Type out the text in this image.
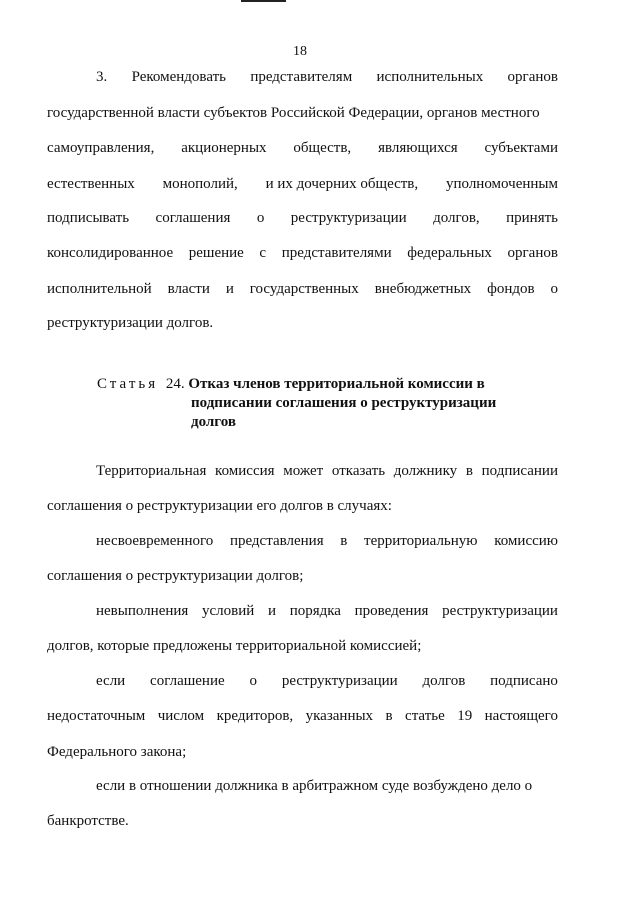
18
3. Рекомендовать представителям исполнительных органов
государственной власти субъектов Российской Федерации, органов местного
самоуправления, акционерных обществ, являющихся субъектами
естественных монополий, и их дочерних обществ, уполномоченным
подписывать соглашения о реструктуризации долгов, принять
консолидированное решение с представителями федеральных органов
исполнительной власти и государственных внебюджетных фондов о
реструктуризации долгов.
Статья 24. Отказ членов территориальной комиссии в
подписании соглашения о реструктуризации
долгов
Территориальная комиссия может отказать должнику в подписании
соглашения о реструктуризации его долгов в случаях:
несвоевременного представления в территориальную комиссию
соглашения о реструктуризации долгов;
невыполнения условий и порядка проведения реструктуризации
долгов, которые предложены территориальной комиссией;
если соглашение о реструктуризации долгов подписано
недостаточным числом кредиторов, указанных в статье 19 настоящего
Федерального закона;
если в отношении должника в арбитражном суде возбуждено дело о
банкротстве.
